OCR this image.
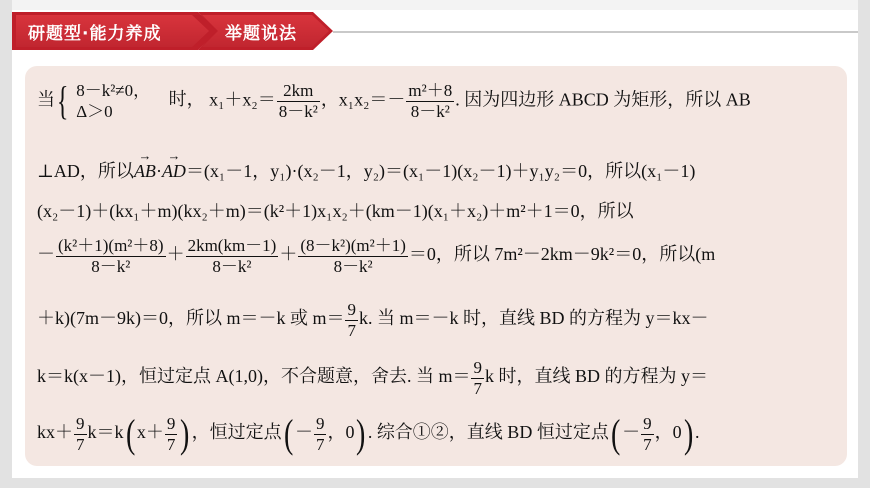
研题型·能力养成	举题说法
当{ 8－k²≠0，
Δ＞0
时， $x_1+x_2= \frac{2km}{\text{8－k²}}$ ，$x_1x_2=- \frac{\text{m²＋8}}{\text{8－k²}}$ . 因为四边形 ABCD 为矩形，所以 AB
⊥AD，所以→ AB·→ AD＝(x₁－1，y₁)·(x₂－1，y₂)＝(x₁－1)(x₂－1)＋y₁y₂＝0，所以(x₁－1)
(x₂－1)＋(kx₁＋m)(kx₂＋m)＝(k²＋1)x₁x₂＋(km－1)(x₁＋x₂)＋m²＋1＝0，所以
－ $\frac{\text{(k²＋1)(m²＋8)}}{\text{8－k²}} + \frac{2km(km-1)}{\text{8－k²}} + \frac{\text{(8－k²)(m²＋1)}}{\text{8－k²}} =0$，所以 7m²－2km－9k²＝0，所以(m
＋k)(7m－9k)＝0，所以 m＝－k 或 $m= \frac{9}{7} k$. 当 m＝－k 时，直线 BD 的方程为 y＝kx－
k＝k(x－1)，恒过定点 A(1,0)，不合题意，舍去. 当 $m= \frac{9}{7}$ k 时，直线 BD 的方程为 y＝
$kx+ \frac{9}{7} k=k$( $x+ \frac{9}{7}$ ) ，恒过定点( － $\frac{9}{7}$ ，0) . 综合①②，直线 BD 恒过定点( － $\frac{9}{7}$ ，0) .
